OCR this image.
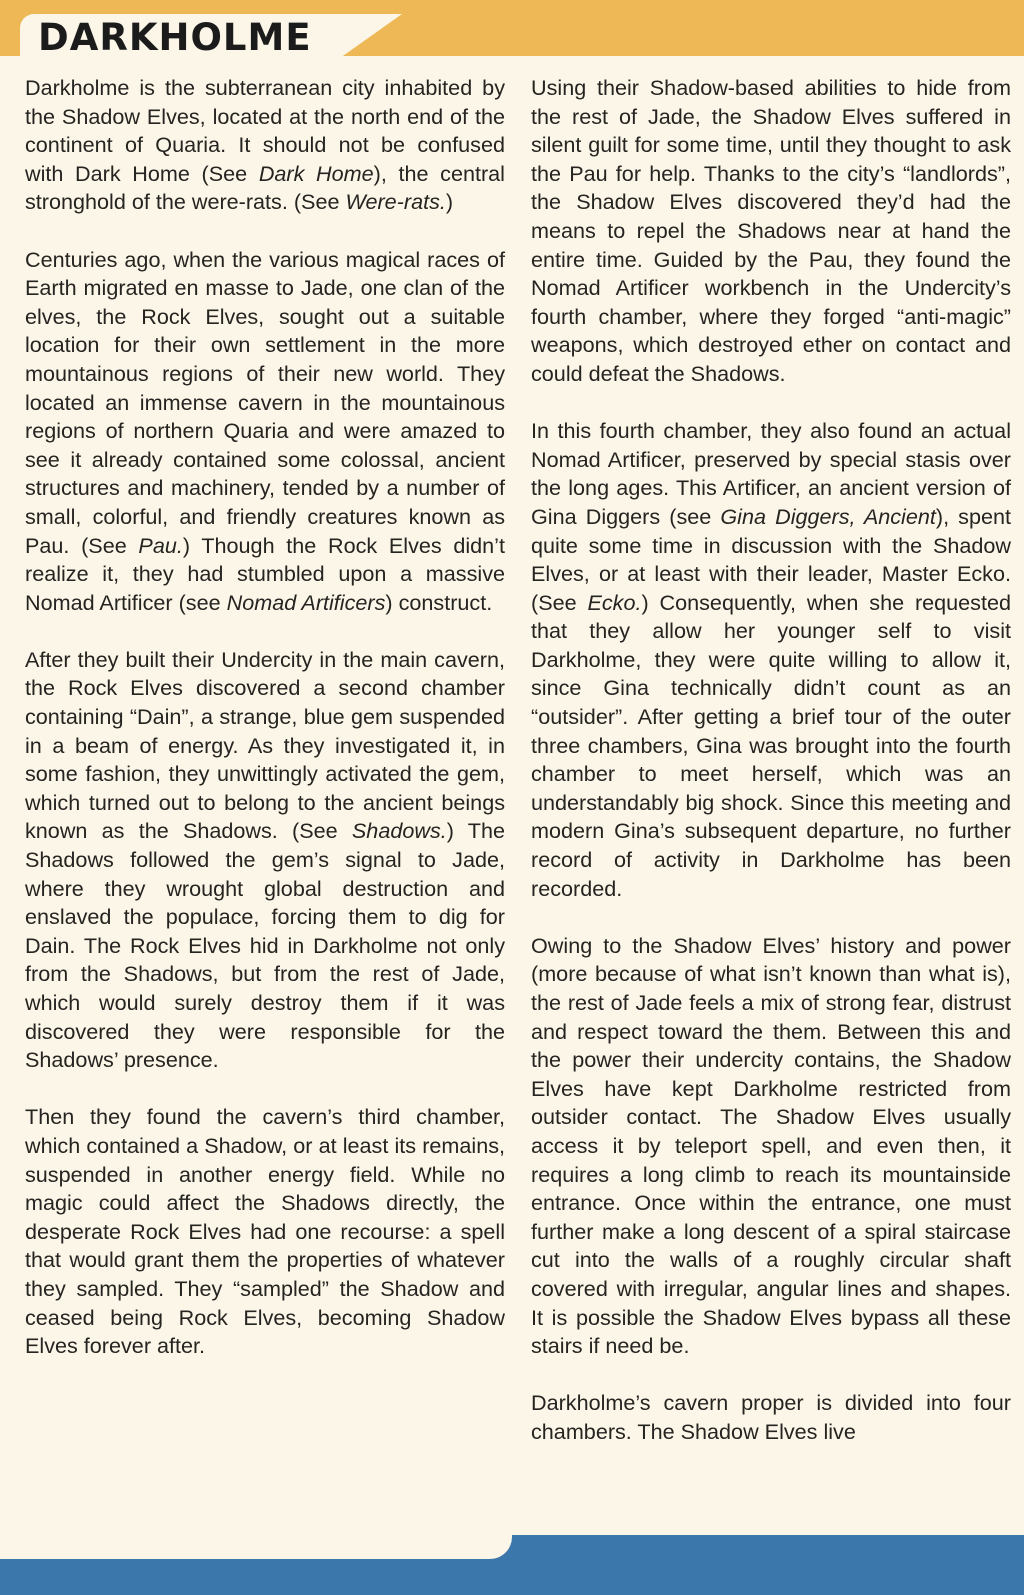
DARKHOLME

Darkholme is the subterranean city inhabited by the Shadow Elves, located at the north end of the continent of Quaria. It should not be confused with Dark Home (See Dark Home), the central stronghold of the were-rats. (See Were-rats.)

Centuries ago, when the various magical races of Earth migrated en masse to Jade, one clan of the elves, the Rock Elves, sought out a suitable location for their own settlement in the more mountainous regions of their new world. They located an immense cavern in the mountainous regions of northern Quaria and were amazed to see it already contained some colossal, ancient structures and machinery, tended by a number of small, colorful, and friendly creatures known as Pau. (See Pau.) Though the Rock Elves didn’t realize it, they had stumbled upon a massive Nomad Artificer (see Nomad Artificers) construct.

After they built their Undercity in the main cavern, the Rock Elves discovered a second chamber containing “Dain”, a strange, blue gem suspended in a beam of energy. As they investigated it, in some fashion, they unwittingly activated the gem, which turned out to belong to the ancient beings known as the Shadows. (See Shadows.) The Shadows followed the gem’s signal to Jade, where they wrought global destruction and enslaved the populace, forcing them to dig for Dain. The Rock Elves hid in Darkholme not only from the Shadows, but from the rest of Jade, which would surely destroy them if it was discovered they were responsible for the Shadows’ presence.

Then they found the cavern’s third chamber, which contained a Shadow, or at least its remains, suspended in another energy field. While no magic could affect the Shadows directly, the desperate Rock Elves had one recourse: a spell that would grant them the properties of whatever they sampled. They “sampled” the Shadow and ceased being Rock Elves, becoming Shadow Elves forever after.

Using their Shadow-based abilities to hide from the rest of Jade, the Shadow Elves suffered in silent guilt for some time, until they thought to ask the Pau for help. Thanks to the city’s “landlords”, the Shadow Elves discovered they’d had the means to repel the Shadows near at hand the entire time. Guided by the Pau, they found the Nomad Artificer workbench in the Undercity’s fourth chamber, where they forged “anti-magic” weapons, which destroyed ether on contact and could defeat the Shadows.

In this fourth chamber, they also found an actual Nomad Artificer, preserved by special stasis over the long ages. This Artificer, an ancient version of Gina Diggers (see Gina Diggers, Ancient), spent quite some time in discussion with the Shadow Elves, or at least with their leader, Master Ecko. (See Ecko.) Consequently, when she requested that they allow her younger self to visit Darkholme, they were quite willing to allow it, since Gina technically didn’t count as an “outsider”. After getting a brief tour of the outer three chambers, Gina was brought into the fourth chamber to meet herself, which was an understandably big shock. Since this meeting and modern Gina’s subsequent departure, no further record of activity in Darkholme has been recorded.

Owing to the Shadow Elves’ history and power (more because of what isn’t known than what is), the rest of Jade feels a mix of strong fear, distrust and respect toward the them. Between this and the power their undercity contains, the Shadow Elves have kept Darkholme restricted from outsider contact. The Shadow Elves usually access it by teleport spell, and even then, it requires a long climb to reach its mountainside entrance. Once within the entrance, one must further make a long descent of a spiral staircase cut into the walls of a roughly circular shaft covered with irregular, angular lines and shapes. It is possible the Shadow Elves bypass all these stairs if need be.

Darkholme’s cavern proper is divided into four chambers. The Shadow Elves live
